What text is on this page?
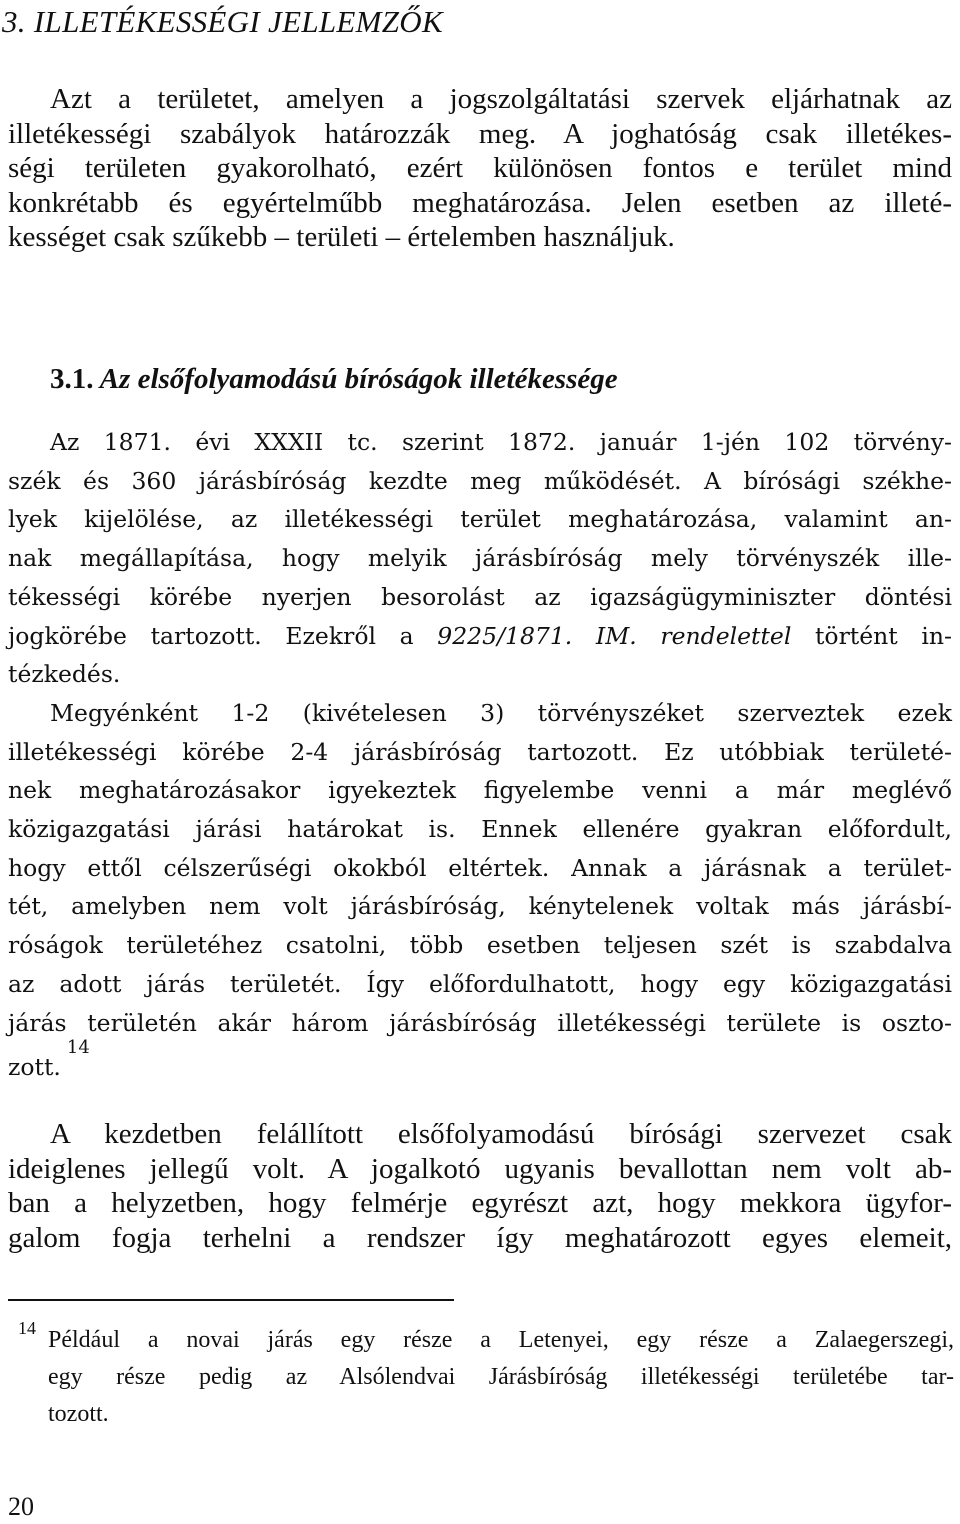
3. ILLETÉKESSÉGI JELLEMZŐK
Azt a területet, amelyen a jogszolgáltatási szervek eljárhatnak az
illetékességi szabályok határozzák meg. A joghatóság csak illetékes-
ségi területen gyakorolható, ezért különösen fontos e terület mind
konkrétabb és egyértelműbb meghatározása. Jelen esetben az illeté-
kességet csak szűkebb – területi – értelemben használjuk.
3.1. Az elsőfolyamodású bíróságok illetékessége
Az 1871. évi XXXII tc. szerint 1872. január 1-jén 102 törvény-
szék és 360 járásbíróság kezdte meg működését. A bírósági székhe-
lyek kijelölése, az illetékességi terület meghatározása, valamint an-
nak megállapítása, hogy melyik járásbíróság mely törvényszék ille-
tékességi körébe nyerjen besorolást az igazságügyminiszter döntési
jogkörébe tartozott. Ezekről a 9225/1871. IM. rendelettel történt in-
tézkedés.
Megyénként 1-2 (kivételesen 3) törvényszéket szerveztek ezek
illetékességi körébe 2-4 járásbíróság tartozott. Ez utóbbiak területé-
nek meghatározásakor igyekeztek figyelembe venni a már meglévő
közigazgatási járási határokat is. Ennek ellenére gyakran előfordult,
hogy ettől célszerűségi okokból eltértek. Annak a járásnak a terület-
tét, amelyben nem volt járásbíróság, kénytelenek voltak más járásbí-
róságok területéhez csatolni, több esetben teljesen szét is szabdalva
az adott járás területét. Így előfordulhatott, hogy egy közigazgatási
járás területén akár három járásbíróság illetékességi területe is oszto-
zott.$^{14}$
A kezdetben felállított elsőfolyamodású bírósági szervezet csak
ideiglenes jellegű volt. A jogalkotó ugyanis bevallottan nem volt ab-
ban a helyzetben, hogy felmérje egyrészt azt, hogy mekkora ügyfor-
galom fogja terhelni a rendszer így meghatározott egyes elemeit,
14 Például a novai járás egy része a Letenyei, egy része a Zalaegerszegi,
egy része pedig az Alsólendvai Járásbíróság illetékességi területébe tar-
tozott.
20
